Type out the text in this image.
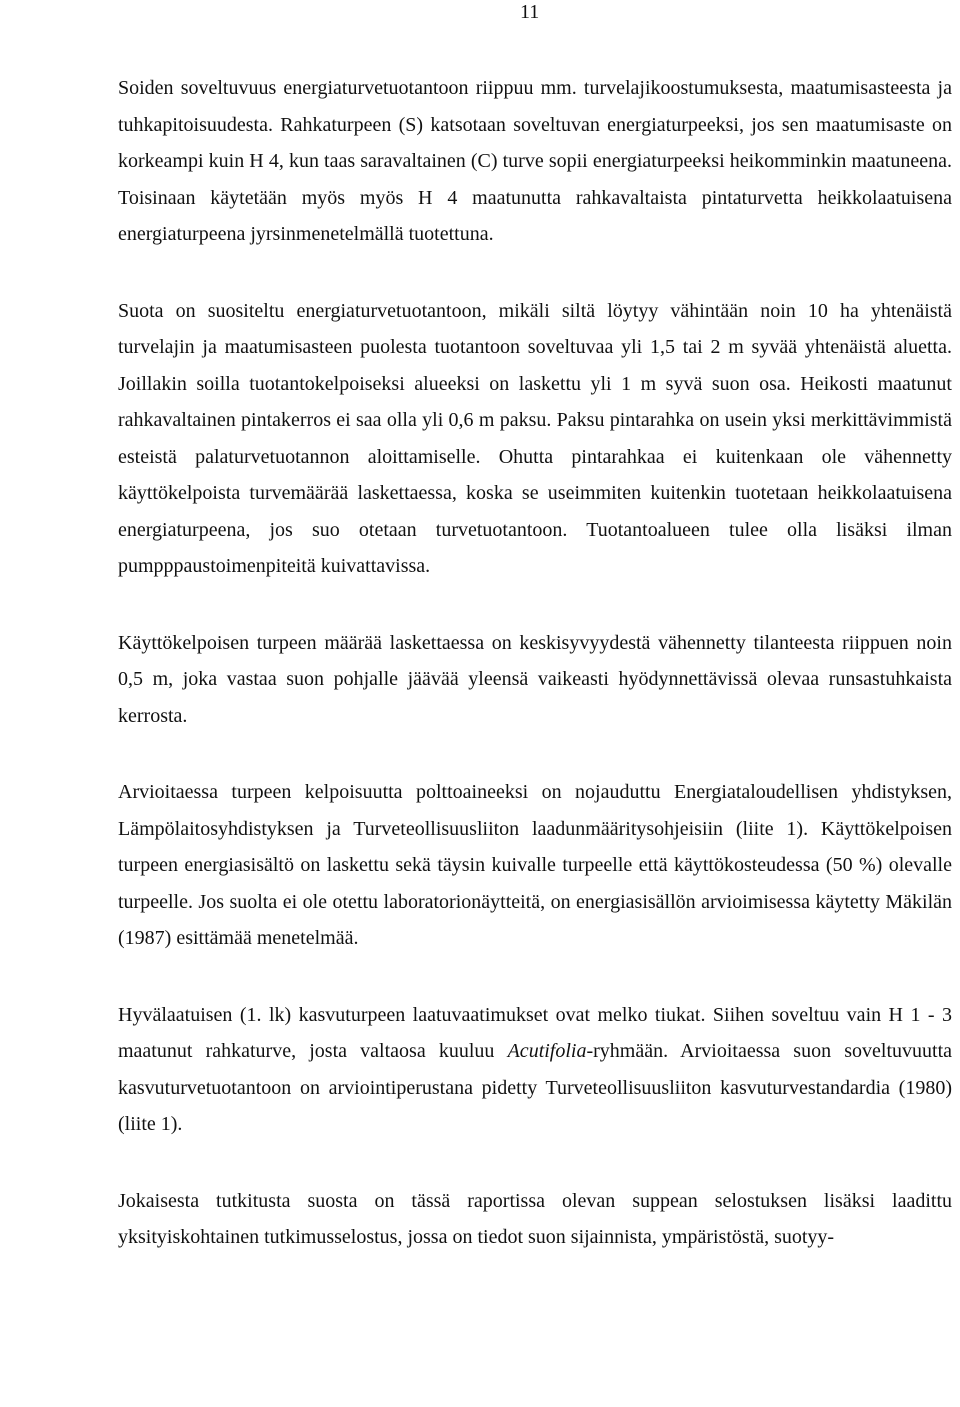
11

Soiden soveltuvuus energiaturvetuotantoon riippuu mm. turvelajikoostumuksesta, maatumisasteesta ja tuhkapitoisuudesta. Rahkaturpeen (S) katsotaan soveltuvan energiaturpeeksi, jos sen maatumisaste on korkeampi kuin H 4, kun taas saravaltainen (C) turve sopii energiaturpeeksi heikomminkin maatuneena. Toisinaan käytetään myös myös H 4 maatunutta rahkavaltaista pintaturvetta heikkolaatuisena energiaturpeena jyrsinmenetelmällä tuotettuna.

Suota on suositeltu energiaturvetuotantoon, mikäli siltä löytyy vähintään noin 10 ha yhtenäistä turvelajin ja maatumisasteen puolesta tuotantoon soveltuvaa yli 1,5 tai 2 m syvää yhtenäistä aluetta. Joillakin soilla tuotantokelpoiseksi alueeksi on laskettu yli 1 m syvä suon osa. Heikosti maatunut rahkavaltainen pintakerros ei saa olla yli 0,6 m paksu. Paksu pintarahka on usein yksi merkittävimmistä esteistä palaturvetuotannon aloittamiselle. Ohutta pintarahkaa ei kuitenkaan ole vähennetty käyttökelpoista turvemäärää laskettaessa, koska se useimmiten kuitenkin tuotetaan heikkolaatuisena energiaturpeena, jos suo otetaan turvetuotantoon. Tuotantoalueen tulee olla lisäksi ilman pumpppaustoimenpiteitä kuivattavissa.

Käyttökelpoisen turpeen määrää laskettaessa on keskisyvyydestä vähennetty tilanteesta riippuen noin 0,5 m, joka vastaa suon pohjalle jäävää yleensä vaikeasti hyödynnettävissä olevaa runsastuhkaista kerrosta.

Arvioitaessa turpeen kelpoisuutta polttoaineeksi on nojauduttu Energiataloudellisen yhdistyksen, Lämpölaitosyhdistyksen ja Turveteollisuusliiton laadunmääritysohjeisiin (liite 1). Käyttökelpoisen turpeen energiasisältö on laskettu sekä täysin kuivalle turpeelle että käyttökosteudessa (50 %) olevalle turpeelle. Jos suolta ei ole otettu laboratorionäytteitä, on energiasisällön arvioimisessa käytetty Mäkilän (1987) esittämää menetelmää.

Hyvälaatuisen (1. lk) kasvuturpeen laatuvaatimukset ovat melko tiukat. Siihen soveltuu vain H 1 - 3 maatunut rahkaturve, josta valtaosa kuuluu Acutifolia-ryhmään. Arvioitaessa suon soveltuvuutta kasvuturvetuotantoon on arviointiperustana pidetty Turveteollisuusliiton kasvuturvestandardia (1980) (liite 1).

Jokaisesta tutkitusta suosta on tässä raportissa olevan suppean selostuksen lisäksi laadittu yksityiskohtainen tutkimusselostus, jossa on tiedot suon sijainnista, ympäristöstä, suotyy-
